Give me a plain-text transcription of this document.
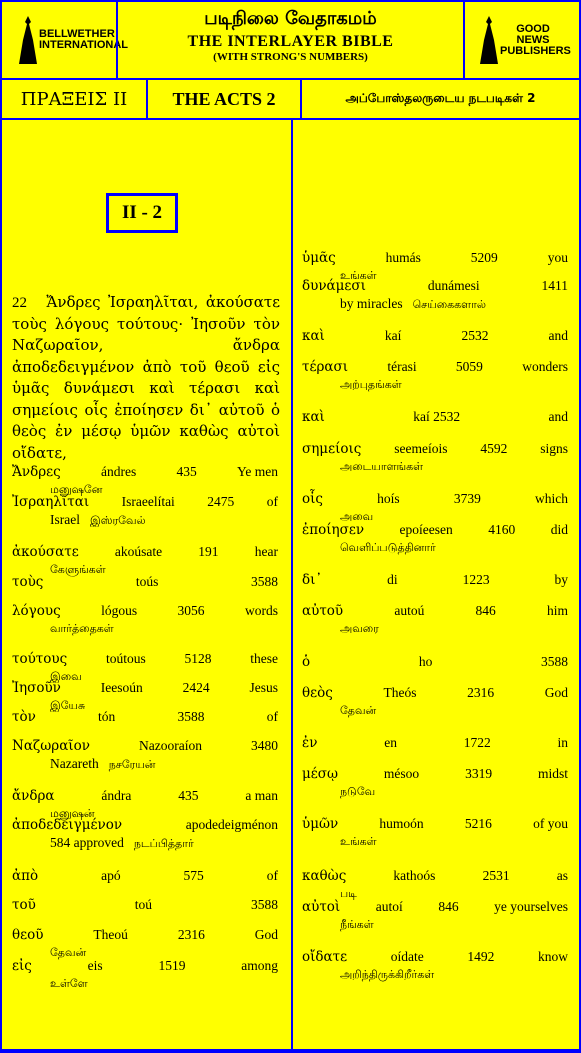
BELLWETHER INTERNATIONAL
படிநிலை வேதாகமம்
THE INTERLAYER BIBLE
(WITH STRONG'S NUMBERS)
GOOD NEWS PUBLISHERS
ΠΡΑΞΕΙΣ ΙΙ	THE ACTS 2	அப்போஸ்தலருடைய நடபடிகள் 2
II - 2
22 Ἄνδρες Ἰσραηλῖται, ἀκούσατε τοὺς λόγους τούτους· Ἰησοῦν τὸν Ναζωραῖον, ἄνδρα ἀποδεδειγμένον ἀπὸ τοῦ θεοῦ εἰς ὑμᾶς δυνάμεσι καὶ τέρασι καὶ σημείοις οἷς ἐποίησεν δι᾽ αὐτοῦ ὁ θεὸς ἐν μέσῳ ὑμῶν καθὼς αὐτοὶ οἴδατε,
Ἄνδρες	ándres	435	Ye men
மனுஷனே
Ἰσραηλῖται Israeelítai 2475 of
Israel இஸ்ரவேல்
ἀκούσατε	akoúsate	191	hear
கேளுங்கள்
τοὺς	toús	3588
λόγους	lógous	3056	words
வார்த்தைகள்
τούτους	toútous	5128	these
இவை
Ἰησοῦν	Ieesoún	2424	Jesus
இயேசு
τὸν	tón	3588	of
Ναζωραῖον	Nazooraíon	3480
Nazareth நசரேயன்
ἄνδρα	ándra	435	a man
மனுஷன்
ἀποδεδειγμένον	apodedeigménon
584 approved நடப்பித்தார்
ἀπὸ	apó	575	of
τοῦ	toú	3588
θεοῦ	Theoú	2316	God
தேவன்
εἰς	eis	1519	among
உள்ளே
ὑμᾶς	humás	5209	you
உங்கள்
δυνάμεσι	dunámesi	1411
by miracles செய்கைகளால்
καὶ	kaí	2532	and
τέρασι	térasi	5059	wonders
அற்புதங்கள்
καὶ	kaí 2532	and
σημείοις seemeíois 4592 signs
அடையாளங்கள்
οἷς	hoís	3739	which
அவை
ἐποίησεν	epoíeesen	4160	did
வெளிப்படுத்தினார்
δι᾽	di	1223	by
αὐτοῦ	autoú	846	him
அவரை
ὁ	ho	3588
θεὸς	Theós	2316	God
தேவன்
ἐν	en	1722	in
μέσῳ	mésoo	3319	midst
நடுவே
ὑμῶν	humoón	5216	of you
உங்கள்
καθὼς	kathoós	2531	as
படி
αὐτοὶ	autoí	846	ye yourselves
நீங்கள்
οἴδατε	oídate	1492	know
அறிந்திருக்கிறீர்கள்
